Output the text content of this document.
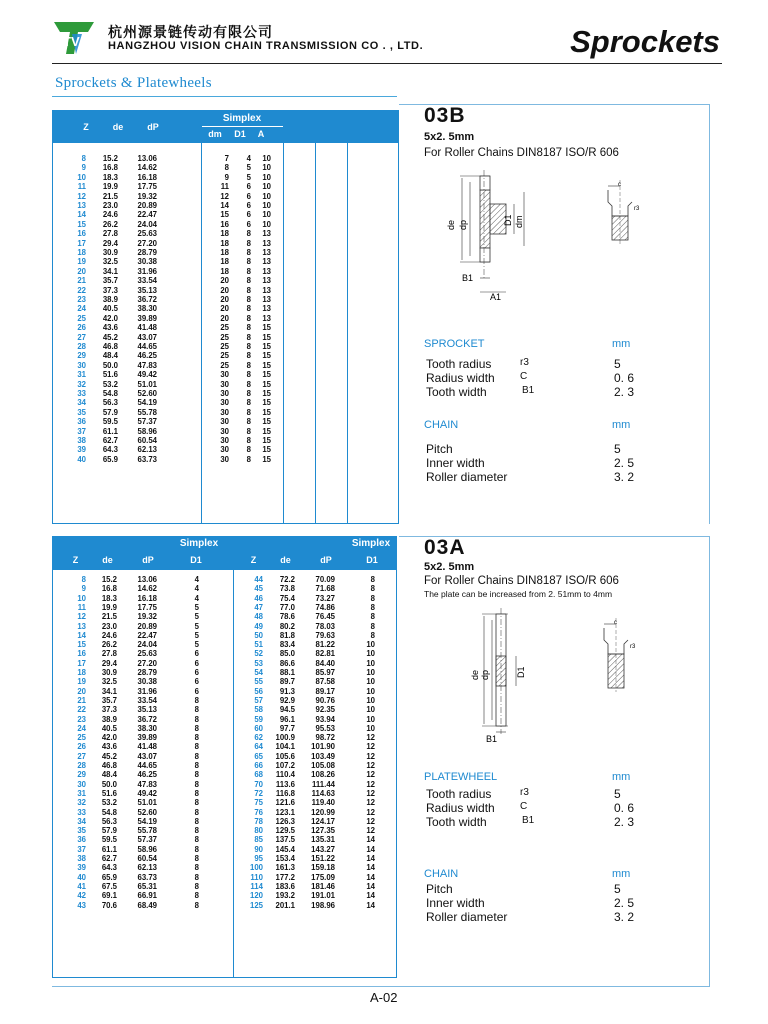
TV
杭州源景链传动有限公司
HANGZHOU VISION CHAIN TRANSMISSION CO . , LTD.	Sprockets
Sprockets & Platewheels
Simplex
Z	de	dP
dm	D1	A
8	15.2	13.06	7	4	10
9	16.8	14.62	8	5	10
10	18.3	16.18	9	5	10
11	19.9	17.75	11	6	10
12	21.5	19.32	12	6	10
13	23.0	20.89	14	6	10
14	24.6	22.47	15	6	10
15	26.2	24.04	16	6	10
16	27.8	25.63	18	8	13
17	29.4	27.20	18	8	13
18	30.9	28.79	18	8	13
19	32.5	30.38	18	8	13
20	34.1	31.96	18	8	13
21	35.7	33.54	20	8	13
22	37.3	35.13	20	8	13
23	38.9	36.72	20	8	13
24	40.5	38.30	20	8	13
25	42.0	39.89	20	8	13
26	43.6	41.48	25	8	15
27	45.2	43.07	25	8	15
28	46.8	44.65	25	8	15
29	48.4	46.25	25	8	15
30	50.0	47.83	25	8	15
31	51.6	49.42	30	8	15
32	53.2	51.01	30	8	15
33	54.8	52.60	30	8	15
34	56.3	54.19	30	8	15
35	57.9	55.78	30	8	15
36	59.5	57.37	30	8	15
37	61.1	58.96	30	8	15
38	62.7	60.54	30	8	15
39	64.3	62.13	30	8	15
40	65.9	63.73	30	8	15
Simplex	Simplex
Z	de	dP	D1	Z	de	dP	D1
8	15.2	13.06	4	44	72.2	70.09	8
9	16.8	14.62	4	45	73.8	71.68	8
10	18.3	16.18	4	46	75.4	73.27	8
11	19.9	17.75	5	47	77.0	74.86	8
12	21.5	19.32	5	48	78.6	76.45	8
13	23.0	20.89	5	49	80.2	78.03	8
14	24.6	22.47	5	50	81.8	79.63	8
15	26.2	24.04	5	51	83.4	81.22	10
16	27.8	25.63	6	52	85.0	82.81	10
17	29.4	27.20	6	53	86.6	84.40	10
18	30.9	28.79	6	54	88.1	85.97	10
19	32.5	30.38	6	55	89.7	87.58	10
20	34.1	31.96	6	56	91.3	89.17	10
21	35.7	33.54	8	57	92.9	90.76	10
22	37.3	35.13	8	58	94.5	92.35	10
23	38.9	36.72	8	59	96.1	93.94	10
24	40.5	38.30	8	60	97.7	95.53	10
25	42.0	39.89	8	62	100.9	98.72	12
26	43.6	41.48	8	64	104.1	101.90	12
27	45.2	43.07	8	65	105.6	103.49	12
28	46.8	44.65	8	66	107.2	105.08	12
29	48.4	46.25	8	68	110.4	108.26	12
30	50.0	47.83	8	70	113.6	111.44	12
31	51.6	49.42	8	72	116.8	114.63	12
32	53.2	51.01	8	75	121.6	119.40	12
33	54.8	52.60	8	76	123.1	120.99	12
34	56.3	54.19	8	78	126.3	124.17	12
35	57.9	55.78	8	80	129.5	127.35	12
36	59.5	57.37	8	85	137.5	135.31	14
37	61.1	58.96	8	90	145.4	143.27	14
38	62.7	60.54	8	95	153.4	151.22	14
39	64.3	62.13	8	100	161.3	159.18	14
40	65.9	63.73	8	110	177.2	175.09	14
41	67.5	65.31	8	114	183.6	181.46	14
42	69.1	66.91	8	120	193.2	191.01	14
43	70.6	68.49	8	125	201.1	198.96	14
03B
5x2. 5mm
For Roller Chains DIN8187 ISO/R 606
de dp	D1 dm
B1
A1
c
r3
SPROCKET	mm
Tooth radius	r3	5
Radius width	C	0. 6
Tooth width	B1	2. 3
CHAIN	mm
Pitch	5
Inner width	2. 5
Roller diameter	3. 2
03A
5x2. 5mm
For Roller Chains DIN8187 ISO/R 606
The plate can be increased from 2. 51mm to 4mm
de dp	D1
B1
c
r3
PLATEWHEEL	mm
Tooth radius	r3	5
Radius width	C	0. 6
Tooth width	B1	2. 3
CHAIN	mm
Pitch	5
Inner width	2. 5
Roller diameter	3. 2
A-02
